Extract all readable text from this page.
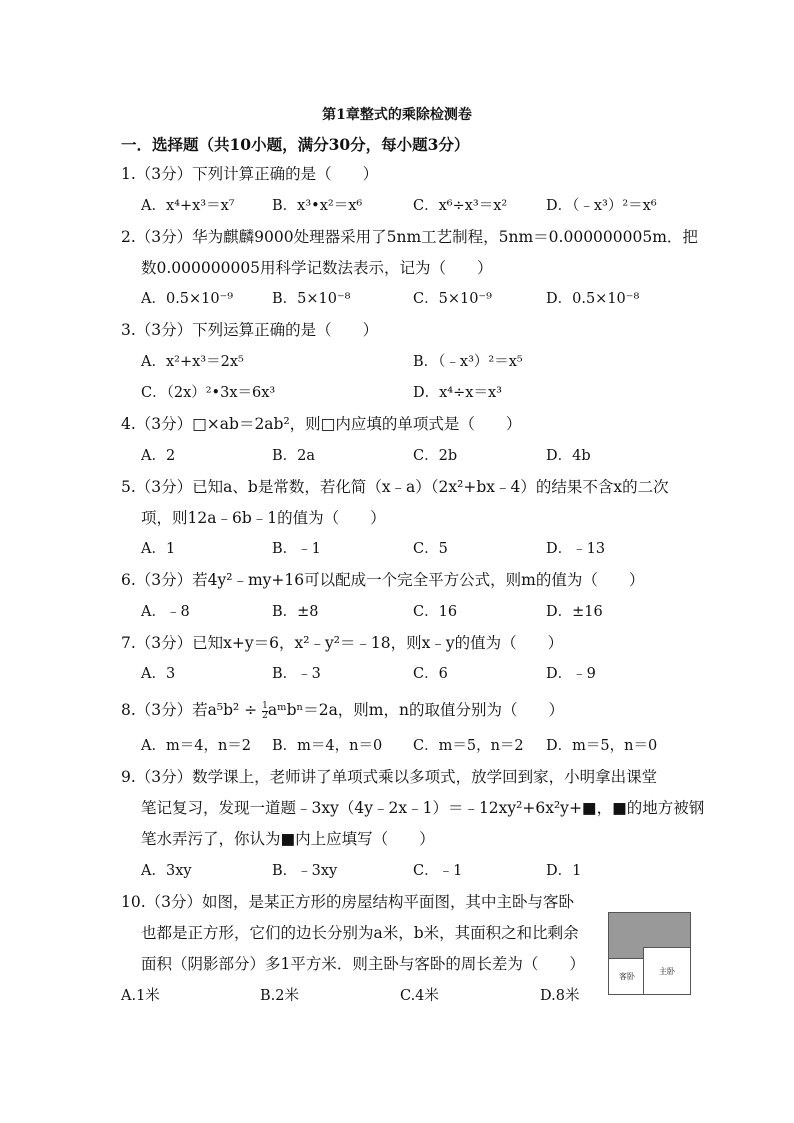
第1章整式的乘除检测卷
一．选择题（共10小题，满分30分，每小题3分）
1.（3分）下列计算正确的是（　　）
A．x⁴+x³＝x⁷	B．x³•x²＝x⁶	C．x⁶÷x³＝x²	D．（﹣x³）²＝x⁶
2.（3分）华为麒麟9000处理器采用了5nm工艺制程，5nm＝0.000000005m．把
数0.000000005用科学记数法表示，记为（　　）
A．0.5×10⁻⁹	B．5×10⁻⁸	C．5×10⁻⁹	D．0.5×10⁻⁸
3.（3分）下列运算正确的是（　　）
A．x²+x³＝2x⁵	B．（﹣x³）²＝x⁵
C．（2x）²•3x＝6x³	D．x⁴÷x＝x³
4.（3分）□×ab＝2ab²，则□内应填的单项式是（　　）
A．2	B．2a	C．2b	D．4b
5.（3分）已知a、b是常数，若化简（x﹣a）（2x²+bx﹣4）的结果不含x的二次
项，则12a﹣6b﹣1的值为（　　）
A．1	B．﹣1	C．5	D．﹣13
6.（3分）若4y²﹣my+16可以配成一个完全平方公式，则m的值为（　　）
A．﹣8	B．±8	C．16	D．±16
7.（3分）已知x+y＝6，x²﹣y²＝﹣18，则x﹣y的值为（　　）
A．3	B．﹣3	C．6	D．﹣9
8.（3分）若$a^5b^2 \div \frac{1}{2}$ aᵐbⁿ＝2a，则m，n的取值分别为（　　）
A．m＝4，n＝2 B．m＝4，n＝0 C．m＝5，n＝2 D．m＝5，n＝0
9.（3分）数学课上，老师讲了单项式乘以多项式，放学回到家，小明拿出课堂
笔记复习，发现一道题﹣3xy（4y﹣2x﹣1）＝﹣12xy²+6x²y+■，■的地方被钢
笔水弄污了，你认为■内上应填写（　　）
A．3xy	B．﹣3xy	C．﹣1	D．1
10.（3分）如图，是某正方形的房屋结构平面图，其中主卧与客卧
也都是正方形，它们的边长分别为a米，b米，其面积之和比剩余
面积（阴影部分）多1平方米．则主卧与客卧的周长差为（　　）
A.1米	B.2米	C.4米	D.8米
客卧
主卧
